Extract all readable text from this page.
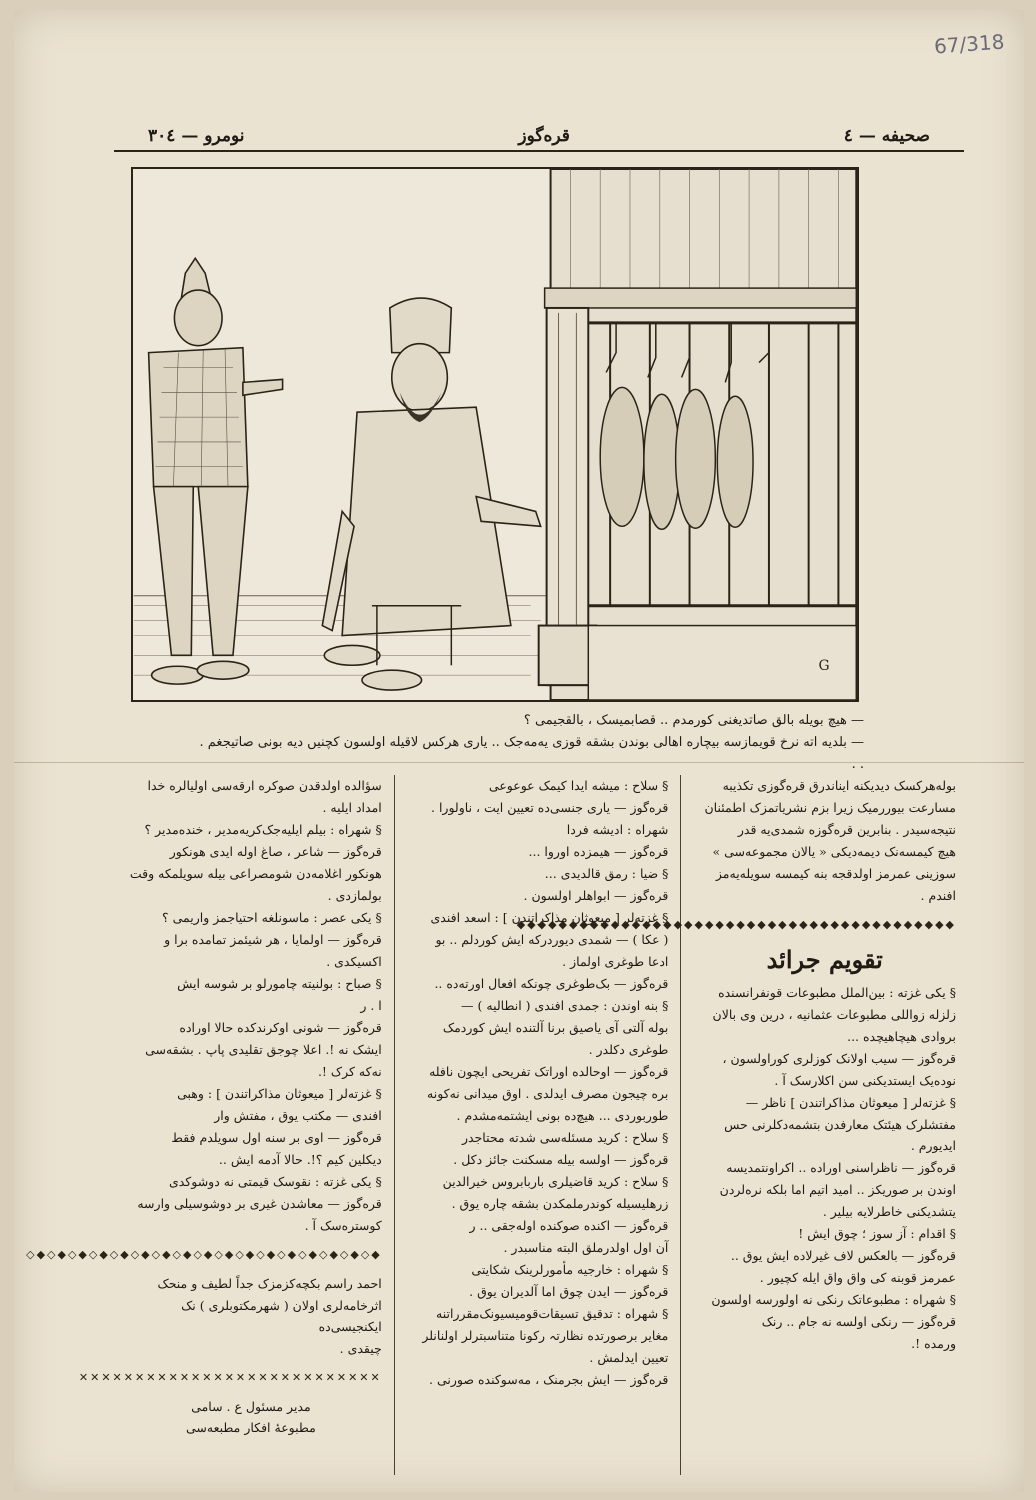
67/318
صحیفه — ٤
قره‌گوز
نومرو — ٣٠٤
G
— هیچ بویله بالق صاتدیغنی کورمدم .. قصابمیسک ، بالقجیمی ؟
— بلدیه اته نرخ قویمازسه بیچاره اهالی بوندن بشقه قوزی یه‌مه‌جک .. یاری هرکس لاقیله اولسون کچنیں دیه بونی صاتیجغم . . .
بوله‌هرکسک دیدیکنه ایناندرق قره‌گوزی تکذیبه
مسارعت بیوررمیک زیرا بزم نشریاتمزک اطمئنان
نتیجه‌سیدر . بنابرین قره‌گوزه شمدی‌یه قدر
هیچ کیمسه‌نک دیمه‌دیکی « یالان مجموعه‌سی »
سوزینی عمرمز اولدقجه بنه کیمسه سویله‌یه‌مز
افندم .
◆◆◆◆◆◆◆◆◆◆◆◆◆◆◆◆◆◆◆◆◆◆◆◆◆◆◆◆◆◆◆◆◆◆◆◆◆◆◆◆◆◆
تقویم جرائد
§ یکی غزته : بین‌الملل مطبوعات قونفرانسنده
زلزله زواللی مطبوعات عثمانیه ، درین وی بالان
بروادی هیچاهیچده ...
قره‌گوز — سیب اولانک کوزلری کوراولسون ،
نوده‌یک ایستدیکنی سن اکلارسک آ .
§ غزته‌لر [ میعوثان مذاکراتندن ] ناظر —
مفتشلرک هیئتک معارفدن بتشمه‌دکلرنی حس ایدیورم .
قره‌گوز — ناظراسنی اوراده .. اکراونتمدیسه
اوندن بر صوریکز .. امید اتیم اما بلکه نره‌لردن
یتشدیکنی خاطرلایه بیلیر .
§ اقدام : آز سوز ؛ چوق ایش !
قره‌گوز — بالعکس لاف غیرلاده ایش یوق ..
عمرمز قوبنه کی واق واق ایله کچیور .
§ شهراه : مطبوعاتک رنکی نه اولورسه اولسون
قره‌گوز — رنکی اولسه نه جام .. رنک
ورمده !.
§ سلاح : میشه ایدا کیمک عوعوعی
قره‌گوز — یاری جنسی‌ده تعیین ایت ، ناولورا .
شهراه : ادیشه فردا
قره‌گوز — هیمزده اوروا ...
§ ضیا : رمق قالدیدی ...
قره‌گوز — ابواهلر اولسون .
§ غزته‌لر [ میعوثان مذاکراتندن ] : اسعد افندی
( عکا ) — شمدی دیوردرکه ایش کوردلم .. بو
ادعا طوغری اولماز .
قره‌گوز — بک‌طوغری چونکه افعال اورته‌ده ..
§ بنه اوندن : جمدی افندی ( انطالیه ) —
بوله آلتی آی یاصیق برنا آلتنده ایش کوردمک
طوغری دکلدر .
قره‌گوز — اوحالده اوراتک تفریحی ایچون نافله
بره چیجون مصرف ایدلدی . اوق میدانی نه‌کونه
طوربوردی ... هیچ‌ده بونی ایشتمه‌مشدم .
§ سلاح : کرید مسئله‌سی شدته محتاجدر
قره‌گوز — اولسه بیله مسکنت جائز دکل .
§ سلاح : کرید قاضیلری باربابروس خیرالدین
زرهلیسیله کوندرملمکدن بشقه چاره یوق .
قره‌گوز — اکنده صوکنده اوله‌جقی .. ر
آن اول اولدرملق البته مناسبدر .
§ شهراه : خارجیه مأمورلرینک شکایتی
قره‌گوز — ایدن چوق اما آلدیران یوق .
§ شهراه : تدقیق تسیقات‌قومیسیونک‌مقرراتنه
مغایر برصورتده نظارتہ رکونا متناسبترلر اولنانلر
تعیین ایدلمش .
قره‌گوز — ایش بجرمنک ، مه‌سوکنده صورنی .
سؤالده اولدقدن صوکره ارقه‌سی اولیالره خدا
امداد ایلیه .
§ شهراه : بیلم ایلیه‌جک‌کریه‌مدیر ، خنده‌مدیر ؟
قره‌گوز — شاعر ، صاغ اوله ایدی هونکور
هونکور اغلامه‌دن شومصراعی بیله سویلمکه وقت
بولمازدی .
§ یکی عصر : ماسونلغه احتیاجمز واریمی ؟
قره‌گوز — اولمایا ، هر شیئمز تمامده برا و
اکسیکدی .
§ صباح : بولنیته چامورلو بر شوسه ایش
ا . ر
قره‌گوز — شونی اوکرندکده حالا اوراده
ایشک نه !. اعلا چوجق تقلیدی پاپ . بشقه‌سی
نه‌که کرک !.
§ غزته‌لر [ میعوثان مذاکراتندن ] : وهبی
افندی — مکتب یوق ، مفتش وار
قره‌گوز — اوی بر سنه اول سویلدم فقط
دیکلین کیم ؟!. حالا آدمه ایش ..
§ یکی غزته : نقوسک قیمتی نه دوشوکدی
قره‌گوز — معاشدن غیری بر دوشوسیلی وارسه
کوستره‌سک آ .
◆◇◆◇◆◇◆◇◆◇◆◇◆◇◆◇◆◇◆◇◆◇◆◇◆◇◆◇◆◇◆◇◆◇
احمد راسم بکچه‌کزمزک جداً لطیف و منحک
اثرخامه‌لری اولان ( شهرمکتوبلری ) نک ایکنجیسی‌ده
چیقدی .
✕✕✕✕✕✕✕✕✕✕✕✕✕✕✕✕✕✕✕✕✕✕✕✕✕✕✕
مدیر مسئول ع . سامی
مطبوعهٔ افکار مطبعه‌سی
